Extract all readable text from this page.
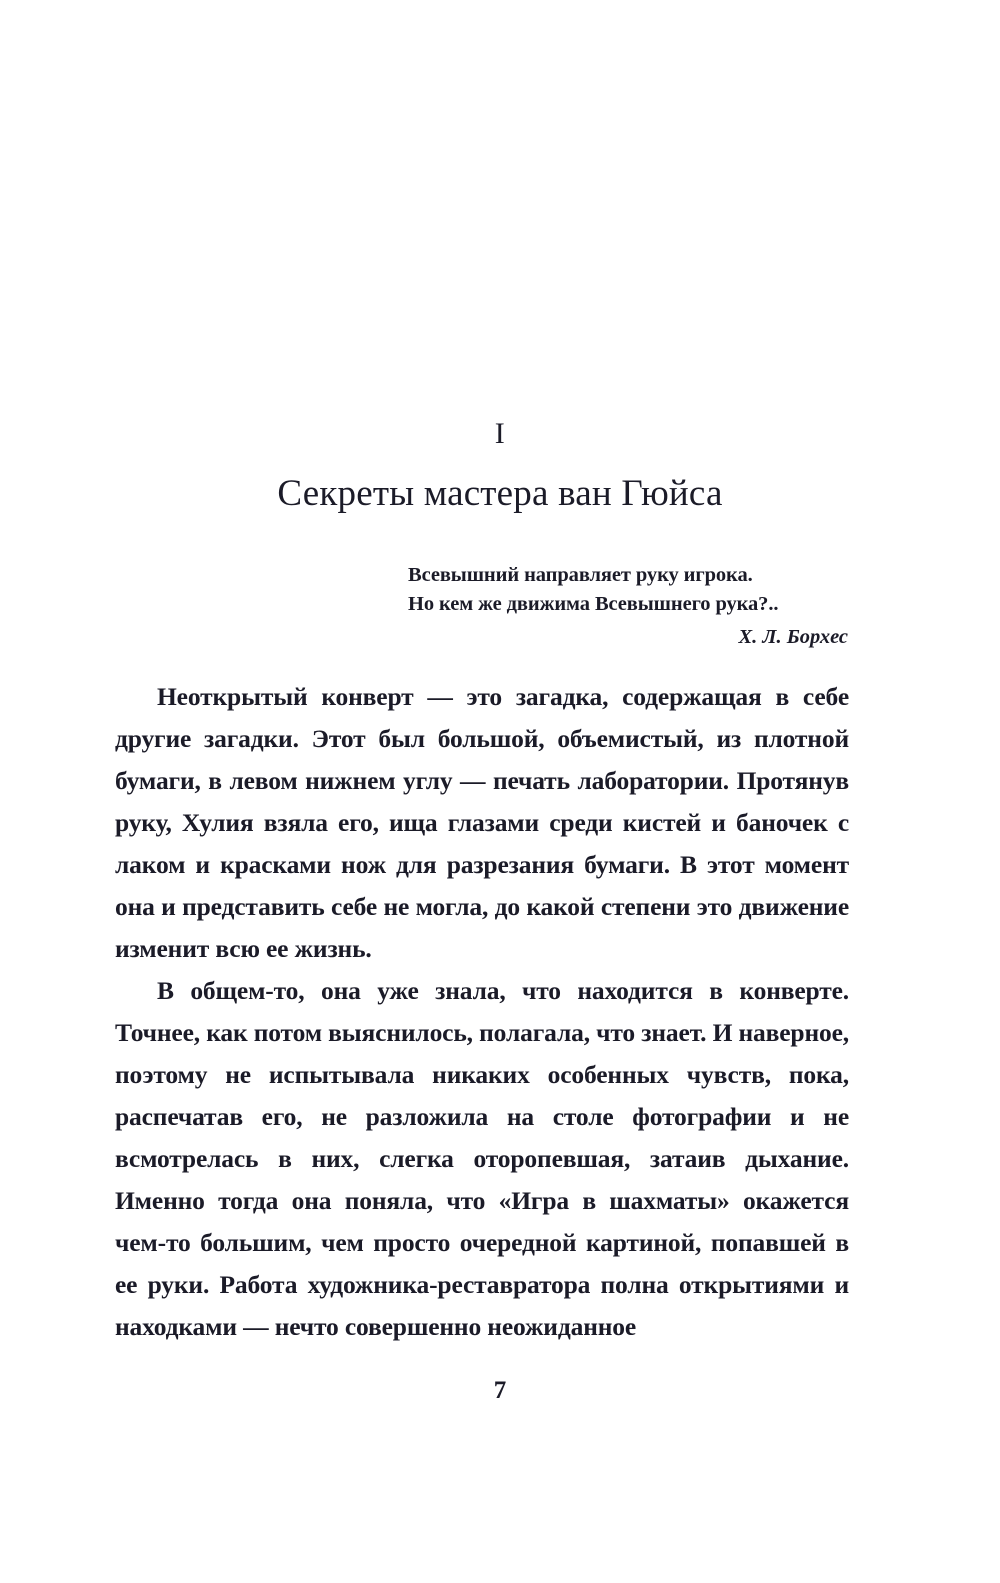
I
Секреты мастера ван Гюйса
Всевышний направляет руку игрока.
Но кем же движима Всевышнего рука?..
Х. Л. Борхес

Неоткрытый конверт — это загадка, содержащая в себе другие загадки. Этот был большой, объемистый, из плотной бумаги, в левом нижнем углу — печать лаборатории. Протянув руку, Хулия взяла его, ища глазами среди кистей и баночек с лаком и красками нож для разрезания бумаги. В этот момент она и представить себе не могла, до какой степени это движение изменит всю ее жизнь.

В общем-то, она уже знала, что находится в конверте. Точнее, как потом выяснилось, полагала, что знает. И наверное, поэтому не испытывала никаких особенных чувств, пока, распечатав его, не разложила на столе фотографии и не всмотрелась в них, слегка оторопевшая, затаив дыхание. Именно тогда она поняла, что «Игра в шахматы» окажется чем-то большим, чем просто очередной картиной, попавшей в ее руки. Работа художника-реставратора полна открытиями и находками — нечто совершенно неожиданное

7
